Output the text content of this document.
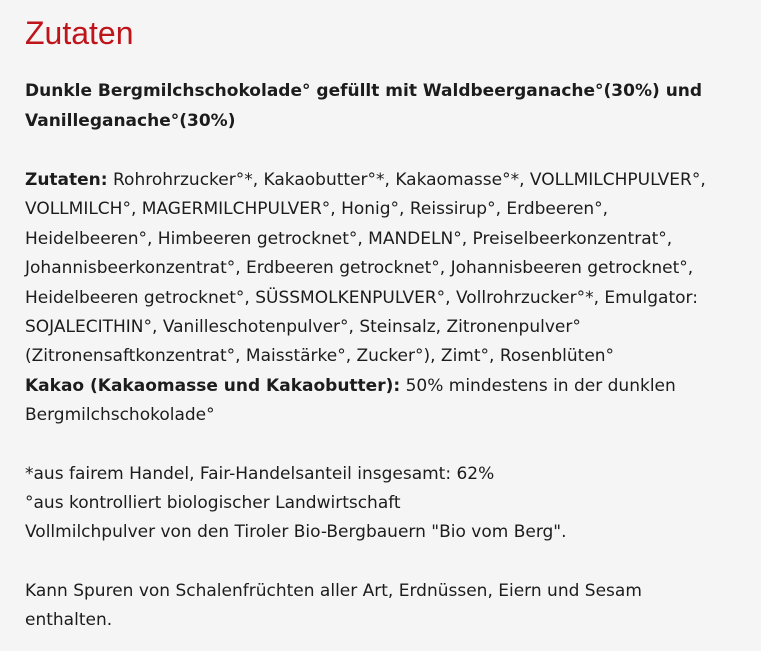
Zutaten

Dunkle Bergmilchschokolade° gefüllt mit Waldbeerganache°(30%) und Vanilleganache°(30%)

Zutaten: Rohrohrzucker°*, Kakaobutter°*, Kakaomasse°*, VOLLMILCHPULVER°,
VOLLMILCH°, MAGERMILCHPULVER°, Honig°, Reissirup°, Erdbeeren°,
Heidelbeeren°, Himbeeren getrocknet°, MANDELN°, Preiselbeerkonzentrat°,
Johannisbeerkonzentrat°, Erdbeeren getrocknet°, Johannisbeeren getrocknet°,
Heidelbeeren getrocknet°, SÜSSMOLKENPULVER°, Vollrohrzucker°*, Emulgator:
SOJALECITHIN°, Vanilleschotenpulver°, Steinsalz, Zitronenpulver°
(Zitronensaftkonzentrat°, Maisstärke°, Zucker°), Zimt°, Rosenblüten°

Kakao (Kakaomasse und Kakaobutter): 50% mindestens in der dunklen
Bergmilchschokolade°

*aus fairem Handel, Fair-Handelsanteil insgesamt: 62%
°aus kontrolliert biologischer Landwirtschaft
Vollmilchpulver von den Tiroler Bio-Bergbauern "Bio vom Berg".

Kann Spuren von Schalenfrüchten aller Art, Erdnüssen, Eiern und Sesam
enthalten.
